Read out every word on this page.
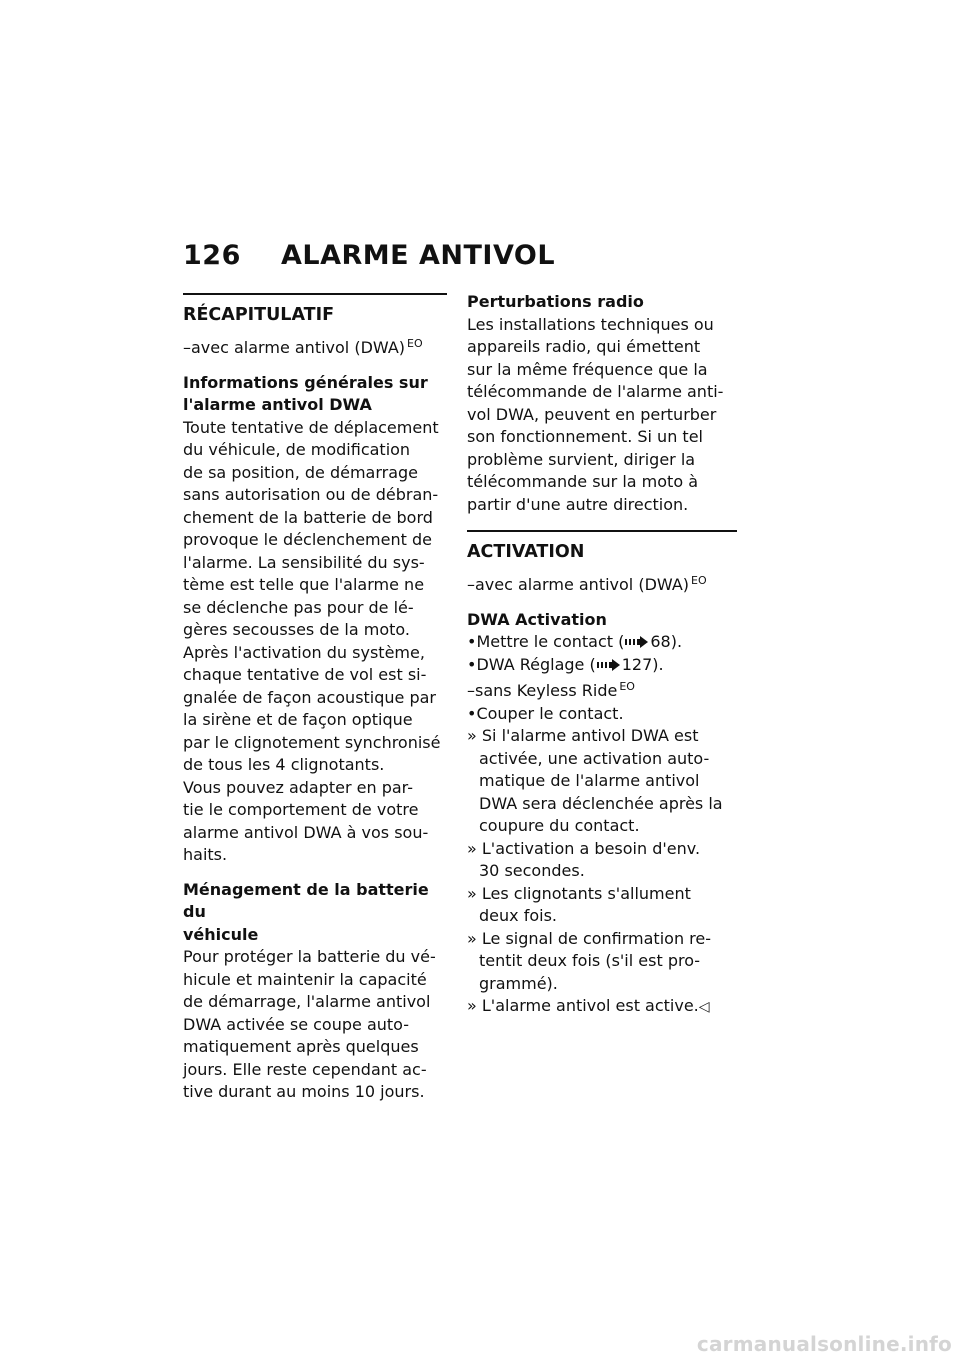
126 ALARME ANTIVOL
RÉCAPITULATIF
–avec alarme antivol (DWA) $^{EO}$
Informations générales sur
l'alarme antivol DWA
Toute tentative de déplacement
du véhicule, de modification
de sa position, de démarrage
sans autorisation ou de débran-
chement de la batterie de bord
provoque le déclenchement de
l'alarme. La sensibilité du sys-
tème est telle que l'alarme ne
se déclenche pas pour de lé-
gères secousses de la moto.
Après l'activation du système,
chaque tentative de vol est si-
gnalée de façon acoustique par
la sirène et de façon optique
par le clignotement synchronisé
de tous les 4 clignotants.
Vous pouvez adapter en par-
tie le comportement de votre
alarme antivol DWA à vos sou-
haits.
Ménagement de la batterie du
véhicule
Pour protéger la batterie du vé-
hicule et maintenir la capacité
de démarrage, l'alarme antivol
DWA activée se coupe auto-
matiquement après quelques
jours. Elle reste cependant ac-
tive durant au moins 10 jours.
Perturbations radio
Les installations techniques ou
appareils radio, qui émettent
sur la même fréquence que la
télécommande de l'alarme anti-
vol DWA, peuvent en perturber
son fonctionnement. Si un tel
problème survient, diriger la
télécommande sur la moto à
partir d'une autre direction.
ACTIVATION
–avec alarme antivol (DWA) $^{EO}$
DWA Activation
•Mettre le contact ( 68).
•DWA Réglage ( 127).
–sans Keyless Ride $^{EO}$
•Couper le contact.
» Si l'alarme antivol DWA est
activée, une activation auto-
matique de l'alarme antivol
DWA sera déclenchée après la
coupure du contact.
» L'activation a besoin d'env.
30 secondes.
» Les clignotants s'allument
deux fois.
» Le signal de confirmation re-
tentit deux fois (s'il est pro-
grammé).
» L'alarme antivol est active.◁
carmanualsonline.info
